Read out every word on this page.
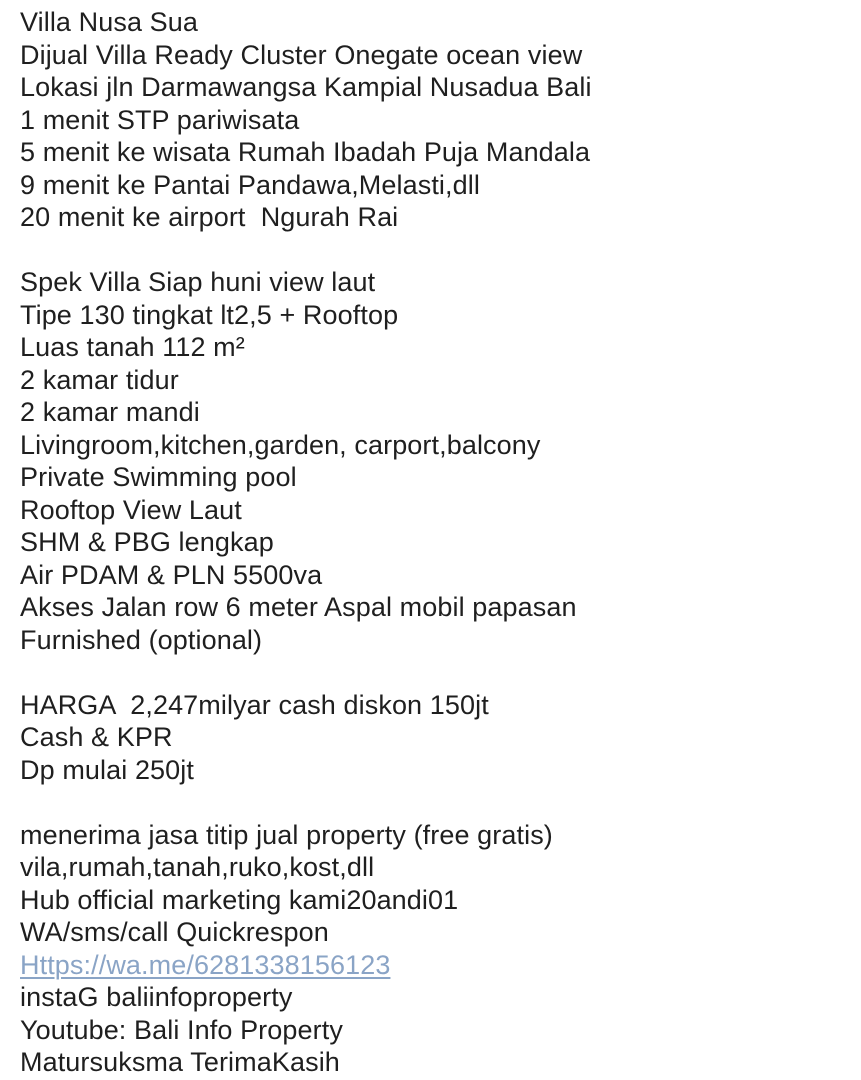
Villa Nusa Sua
Dijual Villa Ready Cluster Onegate ocean view
Lokasi jln Darmawangsa Kampial Nusadua Bali
1 menit STP pariwisata
5 menit ke wisata Rumah Ibadah Puja Mandala
9 menit ke Pantai Pandawa,Melasti,dll
20 menit ke airport  Ngurah Rai
Spek Villa Siap huni view laut
Tipe 130 tingkat lt2,5 + Rooftop
Luas tanah 112 m²
2 kamar tidur
2 kamar mandi
Livingroom,kitchen,garden, carport,balcony
Private Swimming pool
Rooftop View Laut
SHM & PBG lengkap
Air PDAM & PLN 5500va
Akses Jalan row 6 meter Aspal mobil papasan
Furnished (optional)
HARGA  2,247milyar cash diskon 150jt
Cash & KPR
Dp mulai 250jt
menerima jasa titip jual property (free gratis)
vila,rumah,tanah,ruko,kost,dll
Hub official marketing kami20andi01
WA/sms/call Quickrespon
Https://wa.me/6281338156123
instaG baliinfoproperty
Youtube: Bali Info Property
Matursuksma TerimaKasih
